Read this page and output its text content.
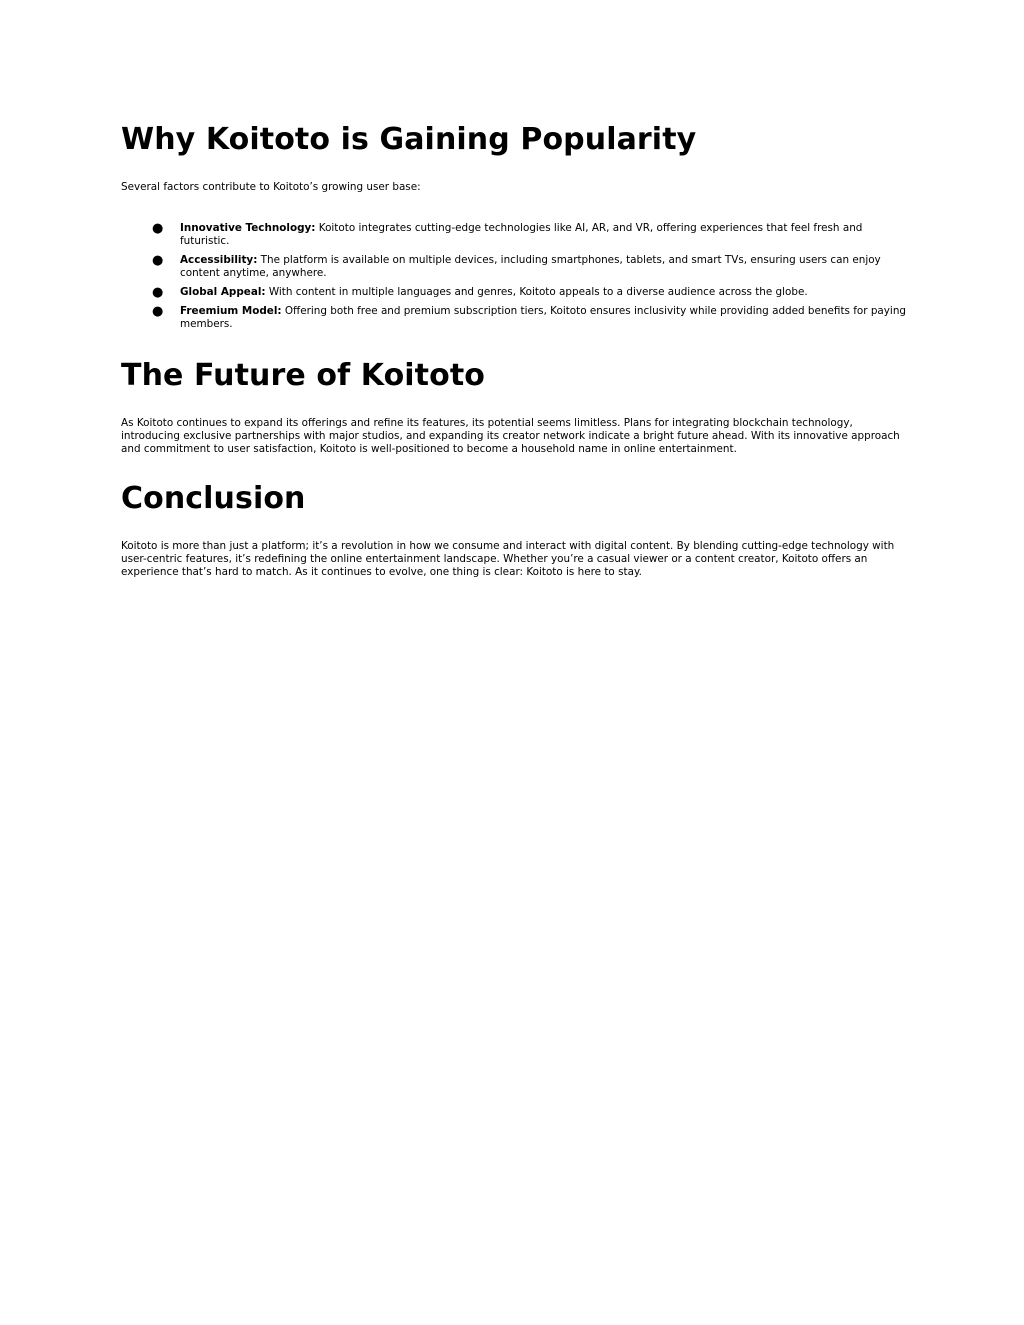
Why Koitoto is Gaining Popularity

Several factors contribute to Koitoto’s growing user base:

● Innovative Technology: Koitoto integrates cutting-edge technologies like AI, AR, and VR, offering experiences that feel fresh and futuristic.
● Accessibility: The platform is available on multiple devices, including smartphones, tablets, and smart TVs, ensuring users can enjoy content anytime, anywhere.
● Global Appeal: With content in multiple languages and genres, Koitoto appeals to a diverse audience across the globe.
● Freemium Model: Offering both free and premium subscription tiers, Koitoto ensures inclusivity while providing added benefits for paying members.
The Future of Koitoto

As Koitoto continues to expand its offerings and refine its features, its potential seems limitless. Plans for integrating blockchain technology, introducing exclusive partnerships with major studios, and expanding its creator network indicate a bright future ahead. With its innovative approach and commitment to user satisfaction, Koitoto is well-positioned to become a household name in online entertainment.

Conclusion

Koitoto is more than just a platform; it’s a revolution in how we consume and interact with digital content. By blending cutting-edge technology with user-centric features, it’s redefining the online entertainment landscape. Whether you’re a casual viewer or a content creator, Koitoto offers an experience that’s hard to match. As it continues to evolve, one thing is clear: Koitoto is here to stay.
